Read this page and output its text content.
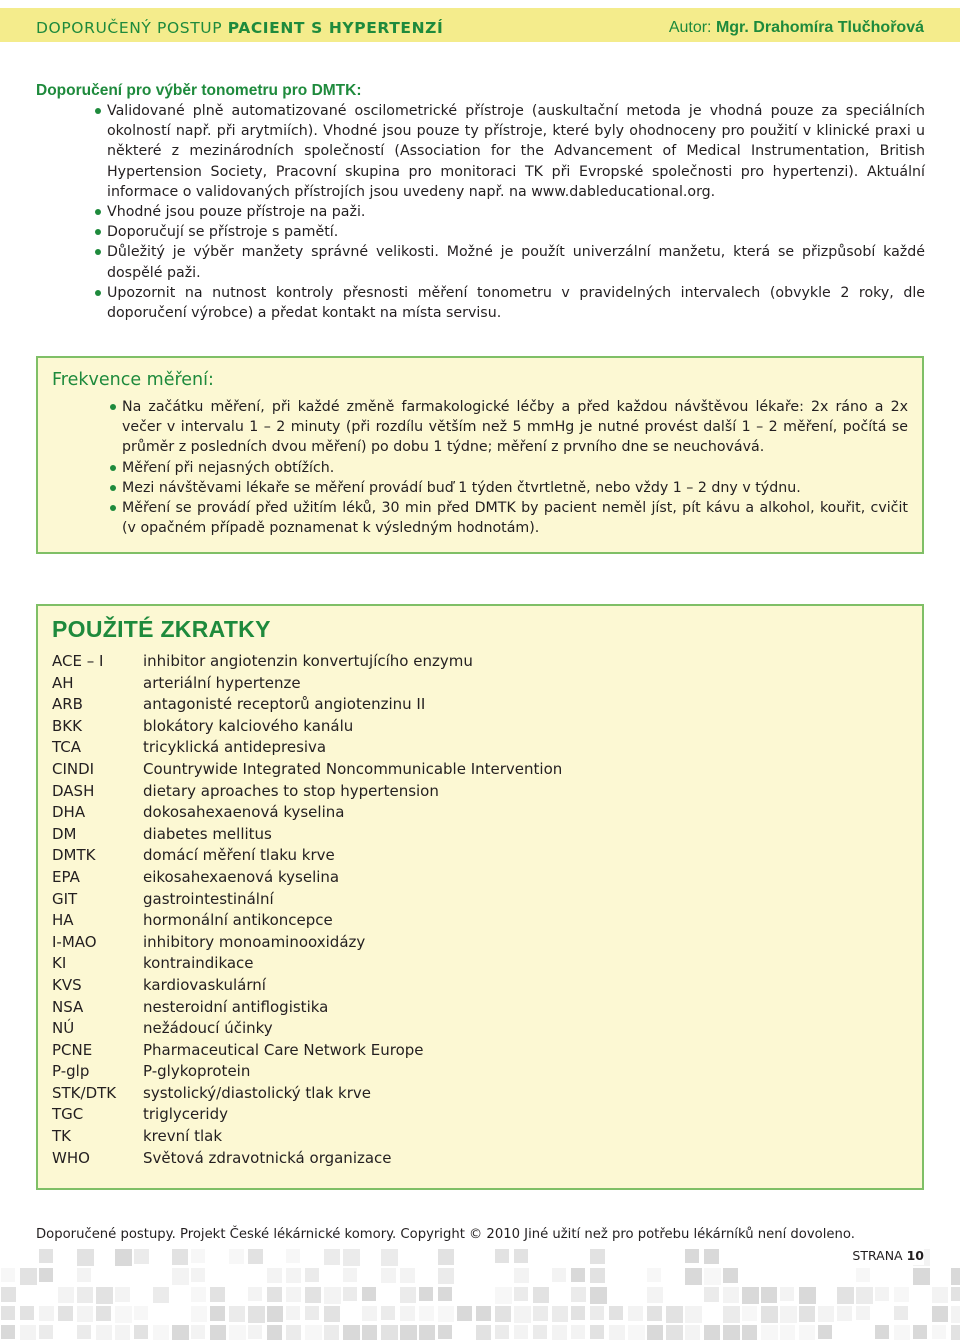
DOPORUČENÝ POSTUP PACIENT S HYPERTENZÍ	Autor: Mgr. Drahomíra Tlučhořová
Doporučení pro výběr tonometru pro DMTK:
Validované plně automatizované oscilometrické přístroje (auskultační metoda je vhodná pouze za speciálních okolností např. při arytmiích). Vhodné jsou pouze ty přístroje, které byly ohodnoceny pro použití v klinické praxi u některé z mezinárodních společností (Association for the Advancement of Medical Instrumentation, British Hypertension Society, Pracovní skupina pro monitoraci TK při Evropské společnosti pro hypertenzi). Aktuální informace o validovaných přístrojích jsou uvedeny např. na www.dableducational.org.
Vhodné jsou pouze přístroje na paži.
Doporučují se přístroje s pamětí.
Důležitý je výběr manžety správné velikosti. Možné je použít univerzální manžetu, která se přizpůsobí každé dospělé paži.
Upozornit na nutnost kontroly přesnosti měření tonometru v pravidelných intervalech (obvykle 2 roky, dle doporučení výrobce) a předat kontakt na místa servisu.
Frekvence měření:
Na začátku měření, při každé změně farmakologické léčby a před každou návštěvou lékaře: 2x ráno a 2x večer v intervalu 1 – 2 minuty (při rozdílu větším než 5 mmHg je nutné provést další 1 – 2 měření, počítá se průměr z posledních dvou měření) po dobu 1 týdne; měření z prvního dne se neuchovává.
Měření při nejasných obtížích.
Mezi návštěvami lékaře se měření provádí buď 1 týden čtvrtletně, nebo vždy 1 – 2 dny v týdnu.
Měření se provádí před užitím léků, 30 min před DMTK by pacient neměl jíst, pít kávu a alkohol, kouřit, cvičit (v opačném případě poznamenat k výsledným hodnotám).
POUŽITÉ ZKRATKY
ACE – I	inhibitor angiotenzin konvertujícího enzymu
AH	arteriální hypertenze
ARB	antagonisté receptorů angiotenzinu II
BKK	blokátory kalciového kanálu
TCA	tricyklická antidepresiva
CINDI	Countrywide Integrated Noncommunicable Intervention
DASH	dietary aproaches to stop hypertension
DHA	dokosahexaenová kyselina
DM	diabetes mellitus
DMTK	domácí měření tlaku krve
EPA	eikosahexaenová kyselina
GIT	gastrointestinální
HA	hormonální antikoncepce
I-MAO	inhibitory monoaminooxidázy
KI	kontraindikace
KVS	kardiovaskulární
NSA	nesteroidní antiflogistika
NÚ	nežádoucí účinky
PCNE	Pharmaceutical Care Network Europe
P-glp	P-glykoprotein
STK/DTK	systolický/diastolický tlak krve
TGC	triglyceridy
TK	krevní tlak
WHO	Světová zdravotnická organizace
Doporučené postupy. Projekt České lékárnické komory. Copyright © 2010 Jiné užití než pro potřebu lékárníků není dovoleno.
STRANA 10
